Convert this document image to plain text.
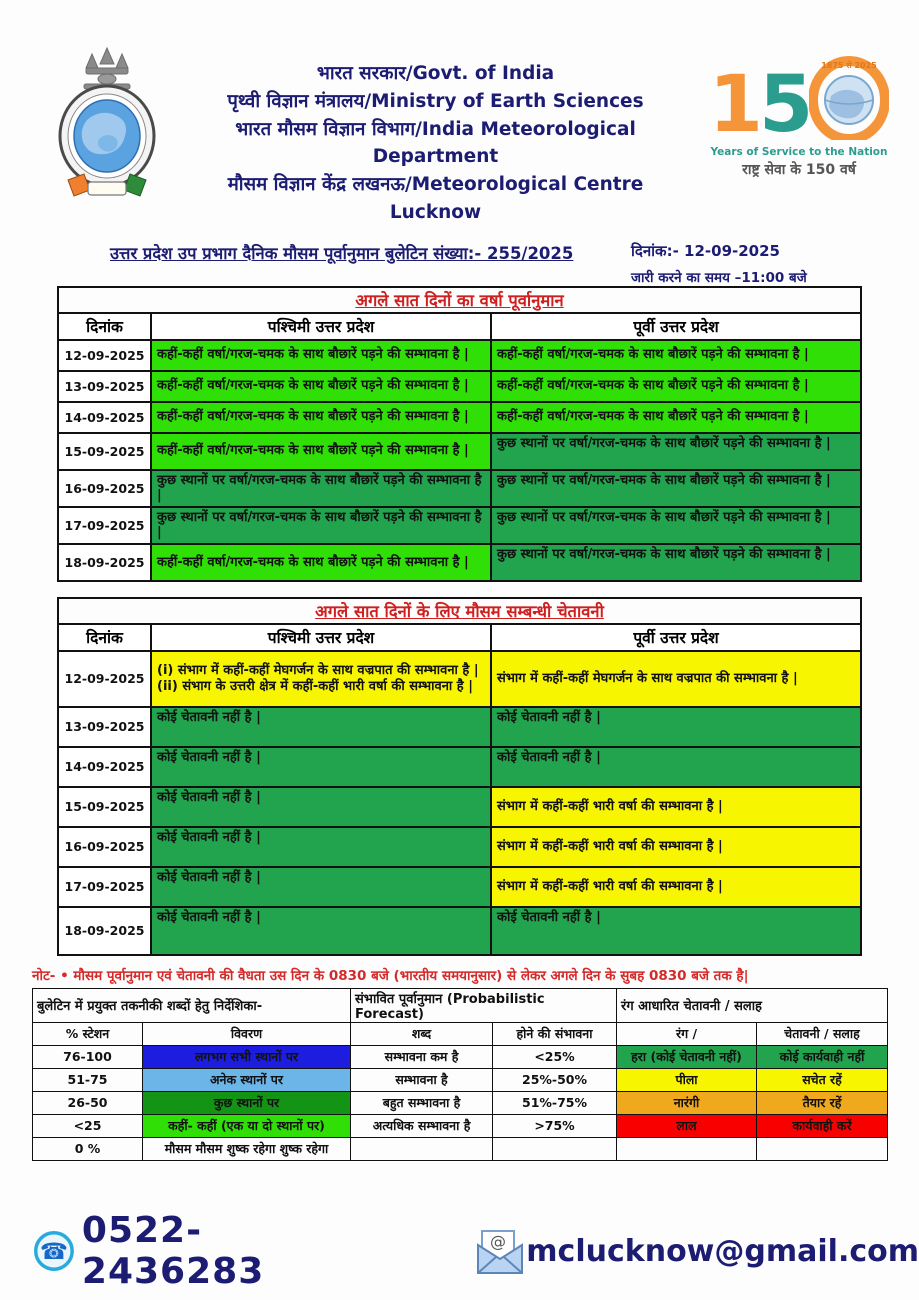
भारत सरकार/Govt. of India
पृथ्वी विज्ञान मंत्रालय/Ministry of Earth Sciences
भारत मौसम विज्ञान विभाग/India Meteorological Department
मौसम विज्ञान केंद्र लखनऊ/Meteorological Centre Lucknow
1 5 1875 से 2025
Years of Service to the Nation
राष्ट्र सेवा के 150 वर्ष
उत्तर प्रदेश उप प्रभाग दैनिक मौसम पूर्वानुमान बुलेटिन संख्या:- 255/2025	दिनांक:- 12-09-2025
जारी करने का समय –11:00 बजे
अगले सात दिनों का वर्षा पूर्वानुमान		
दिनांक	पश्चिमी उत्तर प्रदेश	पूर्वी उत्तर प्रदेश
12-09-2025	कहीं-कहीं वर्षा/गरज-चमक के साथ बौछारें पड़ने की सम्भावना है |	कहीं-कहीं वर्षा/गरज-चमक के साथ बौछारें पड़ने की सम्भावना है |
13-09-2025	कहीं-कहीं वर्षा/गरज-चमक के साथ बौछारें पड़ने की सम्भावना है |	कहीं-कहीं वर्षा/गरज-चमक के साथ बौछारें पड़ने की सम्भावना है |
14-09-2025	कहीं-कहीं वर्षा/गरज-चमक के साथ बौछारें पड़ने की सम्भावना है |	कहीं-कहीं वर्षा/गरज-चमक के साथ बौछारें पड़ने की सम्भावना है |
15-09-2025	कहीं-कहीं वर्षा/गरज-चमक के साथ बौछारें पड़ने की सम्भावना है |	कुछ स्थानों पर वर्षा/गरज-चमक के साथ बौछारें पड़ने की सम्भावना है |
16-09-2025	कुछ स्थानों पर वर्षा/गरज-चमक के साथ बौछारें पड़ने की सम्भावना है |	कुछ स्थानों पर वर्षा/गरज-चमक के साथ बौछारें पड़ने की सम्भावना है |
17-09-2025	कुछ स्थानों पर वर्षा/गरज-चमक के साथ बौछारें पड़ने की सम्भावना है |	कुछ स्थानों पर वर्षा/गरज-चमक के साथ बौछारें पड़ने की सम्भावना है |
18-09-2025	कहीं-कहीं वर्षा/गरज-चमक के साथ बौछारें पड़ने की सम्भावना है |	कुछ स्थानों पर वर्षा/गरज-चमक के साथ बौछारें पड़ने की सम्भावना है |
अगले सात दिनों के लिए मौसम सम्बन्धी चेतावनी		
दिनांक	पश्चिमी उत्तर प्रदेश	पूर्वी उत्तर प्रदेश
12-09-2025	(i) संभाग में कहीं-कहीं मेघगर्जन के साथ वज्रपात की सम्भावना है |
(ii) संभाग के उत्तरी क्षेत्र में कहीं-कहीं भारी वर्षा की सम्भावना है |	संभाग में कहीं-कहीं मेघगर्जन के साथ वज्रपात की सम्भावना है |
13-09-2025	कोई चेतावनी नहीं है |	कोई चेतावनी नहीं है |
14-09-2025	कोई चेतावनी नहीं है |	कोई चेतावनी नहीं है |
15-09-2025	कोई चेतावनी नहीं है |	संभाग में कहीं-कहीं भारी वर्षा की सम्भावना है |
16-09-2025	कोई चेतावनी नहीं है |	संभाग में कहीं-कहीं भारी वर्षा की सम्भावना है |
17-09-2025	कोई चेतावनी नहीं है |	संभाग में कहीं-कहीं भारी वर्षा की सम्भावना है |
18-09-2025	कोई चेतावनी नहीं है |	कोई चेतावनी नहीं है |
नोट- • मौसम पूर्वानुमान एवं चेतावनी की वैधता उस दिन के 0830 बजे (भारतीय समयानुसार) से लेकर अगले दिन के सुबह 0830 बजे तक है|
बुलेटिन में प्रयुक्त तकनीकी शब्दों हेतु निर्देशिका-		संभावित पूर्वानुमान (Probabilistic Forecast)		रंग आधारित चेतावनी / सलाह	
% स्टेशन	विवरण	शब्द	होने की संभावना	रंग /	चेतावनी / सलाह
76-100	लगभग सभी स्थानों पर	सम्भावना कम है	<25%	हरा (कोई चेतावनी नहीं)	कोई कार्यवाही नहीं
51-75	अनेक स्थानों पर	सम्भावना है	25%-50%	पीला	सचेत रहें
26-50	कुछ स्थानों पर	बहुत सम्भावना है	51%-75%	नारंगी	तैयार रहें
<25	कहीं- कहीं (एक या दो स्थानों पर)	अत्यधिक सम्भावना है	>75%	लाल	कार्यवाही करें
0 %	मौसम मौसम शुष्क रहेगा शुष्क रहेगा				
☎
0522-2436283
@ mclucknow@gmail.com
